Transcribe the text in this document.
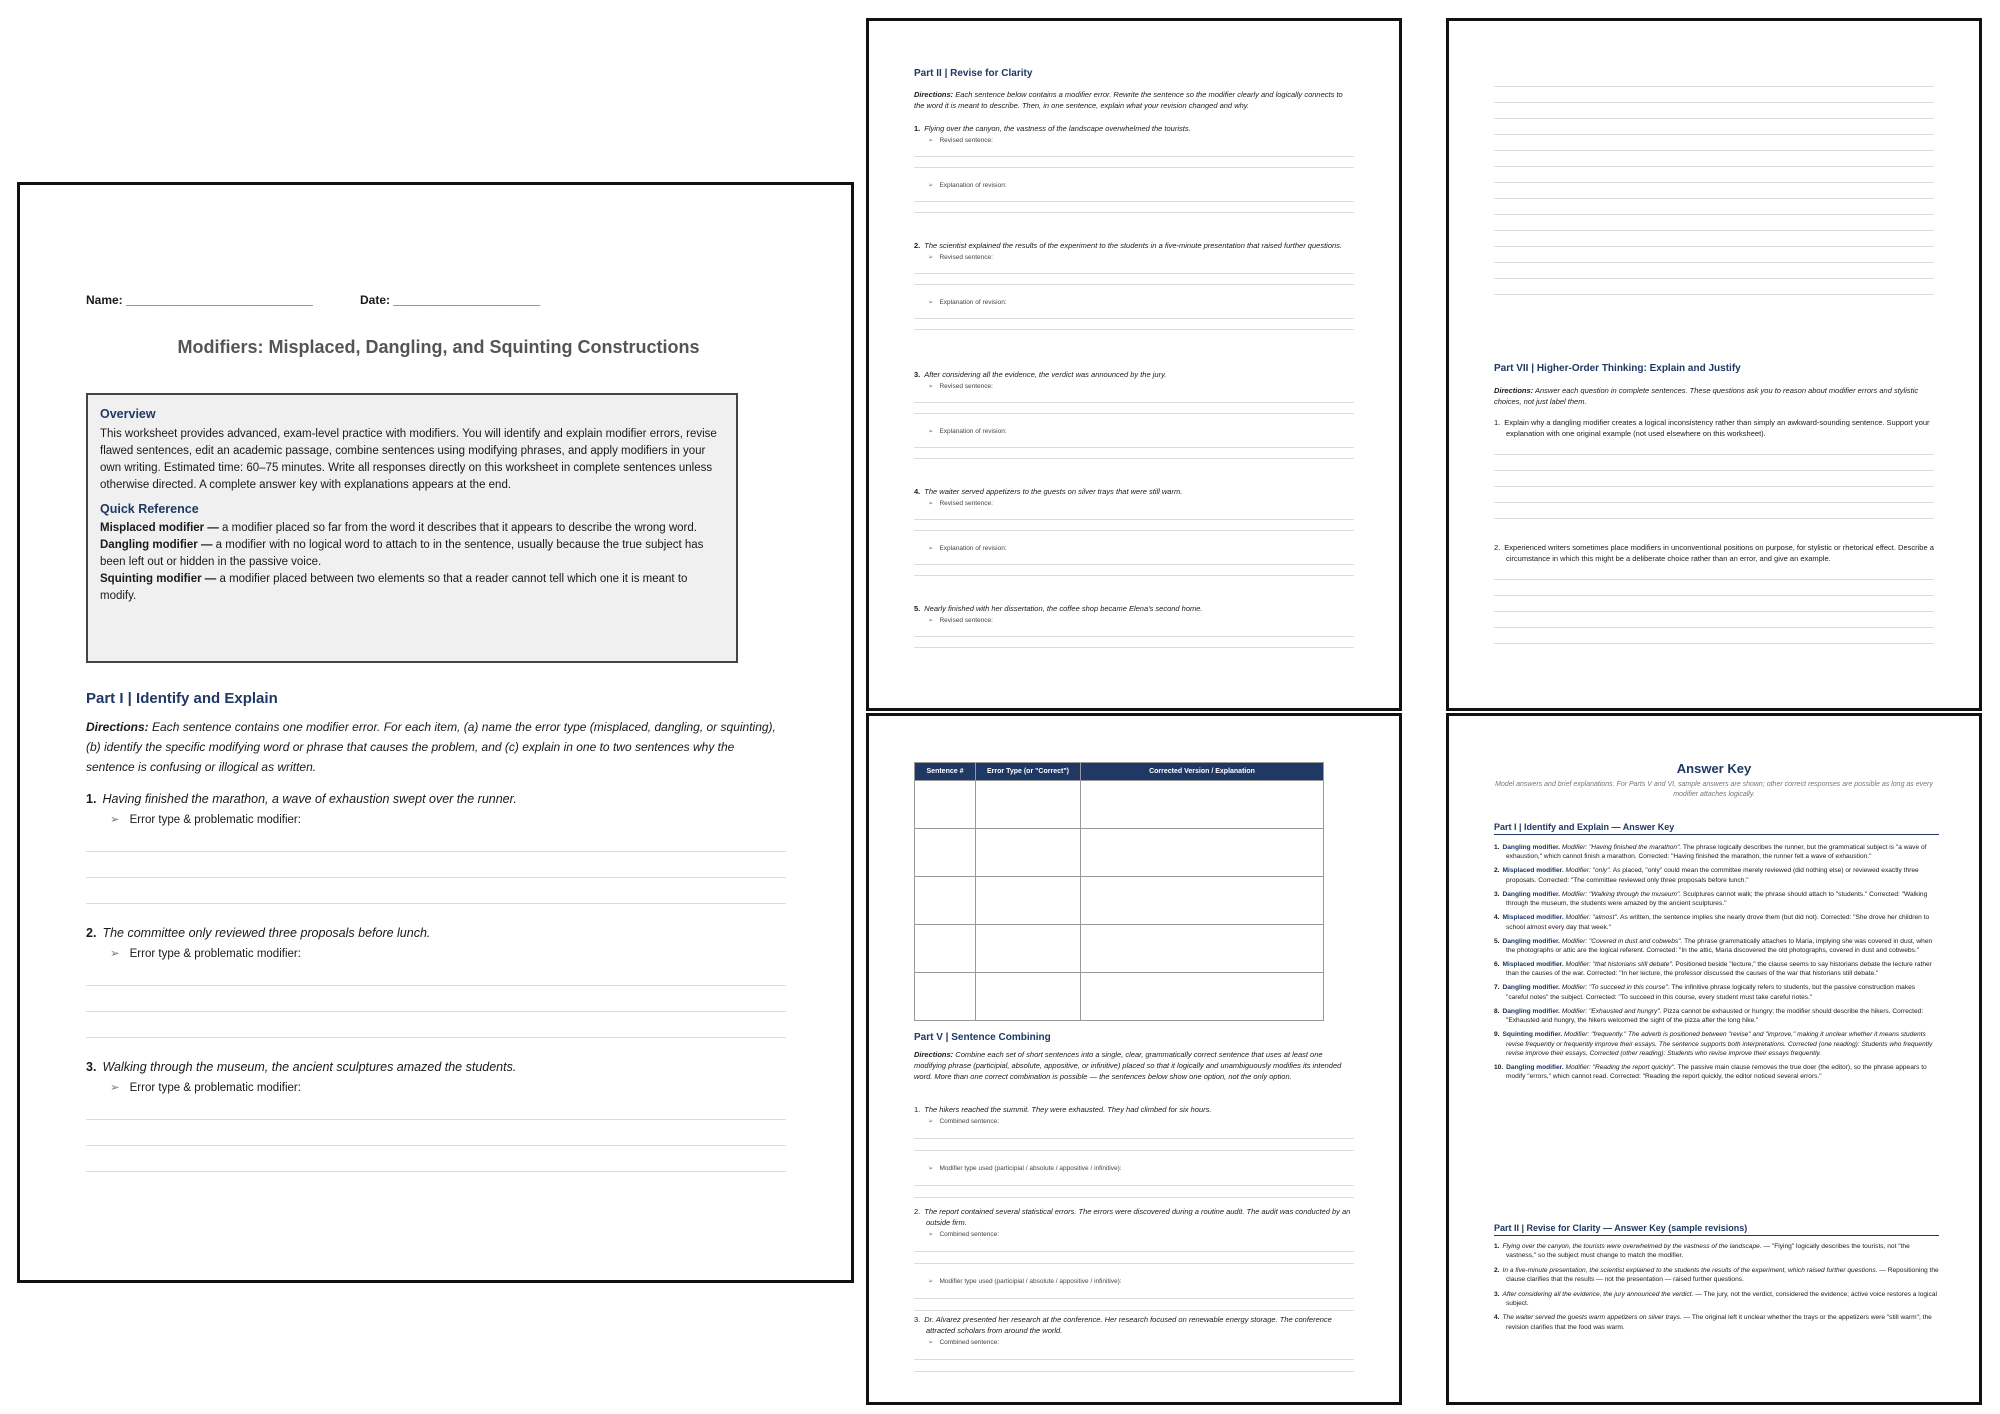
Name: ____________________________	Date: ______________________
Modifiers: Misplaced, Dangling, and Squinting Constructions
Overview
This worksheet provides advanced, exam-level practice with modifiers. You will identify and explain modifier errors, revise flawed sentences, edit an academic passage, combine sentences using modifying phrases, and apply modifiers in your own writing. Estimated time: 60–75 minutes. Write all responses directly on this worksheet in complete sentences unless otherwise directed. A complete answer key with explanations appears at the end.
Quick Reference
Misplaced modifier — a modifier placed so far from the word it describes that it appears to describe the wrong word.
Dangling modifier — a modifier with no logical word to attach to in the sentence, usually because the true subject has been left out or hidden in the passive voice.
Squinting modifier — a modifier placed between two elements so that a reader cannot tell which one it is meant to modify.
Part I | Identify and Explain
Directions: Each sentence contains one modifier error. For each item, (a) name the error type (misplaced, dangling, or squinting), (b) identify the specific modifying word or phrase that causes the problem, and (c) explain in one to two sentences why the sentence is confusing or illogical as written.
1. Having finished the marathon, a wave of exhaustion swept over the runner.
➢ Error type & problematic modifier:
2. The committee only reviewed three proposals before lunch.
➢ Error type & problematic modifier:
3. Walking through the museum, the ancient sculptures amazed the students.
➢ Error type & problematic modifier:
Part II | Revise for Clarity
Directions: Each sentence below contains a modifier error. Rewrite the sentence so the modifier clearly and logically connects to the word it is meant to describe. Then, in one sentence, explain what your revision changed and why.
1. Flying over the canyon, the vastness of the landscape overwhelmed the tourists.
➢ Revised sentence:
➢ Explanation of revision:
2. The scientist explained the results of the experiment to the students in a five-minute presentation that raised further questions.
➢ Revised sentence:
➢ Explanation of revision:
3. After considering all the evidence, the verdict was announced by the jury.
➢ Revised sentence:
➢ Explanation of revision:
4. The waiter served appetizers to the guests on silver trays that were still warm.
➢ Revised sentence:
➢ Explanation of revision:
5. Nearly finished with her dissertation, the coffee shop became Elena's second home.
➢ Revised sentence:
Part VII | Higher-Order Thinking: Explain and Justify
Directions: Answer each question in complete sentences. These questions ask you to reason about modifier errors and stylistic choices, not just label them.
1. Explain why a dangling modifier creates a logical inconsistency rather than simply an awkward-sounding sentence. Support your explanation with one original example (not used elsewhere on this worksheet).
2. Experienced writers sometimes place modifiers in unconventional positions on purpose, for stylistic or rhetorical effect. Describe a circumstance in which this might be a deliberate choice rather than an error, and give an example.
Sentence #	Error Type (or "Correct")	Corrected Version / Explanation

Part V | Sentence Combining
Directions: Combine each set of short sentences into a single, clear, grammatically correct sentence that uses at least one modifying phrase (participial, absolute, appositive, or infinitive) placed so that it logically and unambiguously modifies its intended word. More than one correct combination is possible — the sentences below show one option, not the only option.
1. The hikers reached the summit. They were exhausted. They had climbed for six hours.
➢ Combined sentence:
➢ Modifier type used (participial / absolute / appositive / infinitive):
2. The report contained several statistical errors. The errors were discovered during a routine audit. The audit was conducted by an outside firm.
➢ Combined sentence:
➢ Modifier type used (participial / absolute / appositive / infinitive):
3. Dr. Alvarez presented her research at the conference. Her research focused on renewable energy storage. The conference attracted scholars from around the world.
➢ Combined sentence:
Answer Key
Model answers and brief explanations. For Parts V and VI, sample answers are shown; other correct responses are possible as long as every modifier attaches logically.
Part I | Identify and Explain — Answer Key
1. Dangling modifier. Modifier: "Having finished the marathon". The phrase logically describes the runner, but the grammatical subject is "a wave of exhaustion," which cannot finish a marathon. Corrected: "Having finished the marathon, the runner felt a wave of exhaustion."
2. Misplaced modifier. Modifier: "only". As placed, "only" could mean the committee merely reviewed (did nothing else) or reviewed exactly three proposals. Corrected: "The committee reviewed only three proposals before lunch."
3. Dangling modifier. Modifier: "Walking through the museum". Sculptures cannot walk; the phrase should attach to "students." Corrected: "Walking through the museum, the students were amazed by the ancient sculptures."
4. Misplaced modifier. Modifier: "almost". As written, the sentence implies she nearly drove them (but did not). Corrected: "She drove her children to school almost every day that week."
5. Dangling modifier. Modifier: "Covered in dust and cobwebs". The phrase grammatically attaches to Maria, implying she was covered in dust, when the photographs or attic are the logical referent. Corrected: "In the attic, Maria discovered the old photographs, covered in dust and cobwebs."
6. Misplaced modifier. Modifier: "that historians still debate". Positioned beside "lecture," the clause seems to say historians debate the lecture rather than the causes of the war. Corrected: "In her lecture, the professor discussed the causes of the war that historians still debate."
7. Dangling modifier. Modifier: "To succeed in this course". The infinitive phrase logically refers to students, but the passive construction makes "careful notes" the subject. Corrected: "To succeed in this course, every student must take careful notes."
8. Dangling modifier. Modifier: "Exhausted and hungry". Pizza cannot be exhausted or hungry; the modifier should describe the hikers. Corrected: "Exhausted and hungry, the hikers welcomed the sight of the pizza after the long hike."
9. Squinting modifier. Modifier: "frequently." The adverb is positioned between "revise" and "improve," making it unclear whether it means students revise frequently or frequently improve their essays. The sentence supports both interpretations. Corrected (one reading): Students who frequently revise improve their essays. Corrected (other reading): Students who revise improve their essays frequently.
10. Dangling modifier. Modifier: "Reading the report quickly". The passive main clause removes the true doer (the editor), so the phrase appears to modify "errors," which cannot read. Corrected: "Reading the report quickly, the editor noticed several errors."
Part II | Revise for Clarity — Answer Key (sample revisions)
1. Flying over the canyon, the tourists were overwhelmed by the vastness of the landscape. — "Flying" logically describes the tourists, not "the vastness," so the subject must change to match the modifier.
2. In a five-minute presentation, the scientist explained to the students the results of the experiment, which raised further questions. — Repositioning the clause clarifies that the results — not the presentation — raised further questions.
3. After considering all the evidence, the jury announced the verdict. — The jury, not the verdict, considered the evidence; active voice restores a logical subject.
4. The waiter served the guests warm appetizers on silver trays. — The original left it unclear whether the trays or the appetizers were "still warm"; the revision clarifies that the food was warm.
